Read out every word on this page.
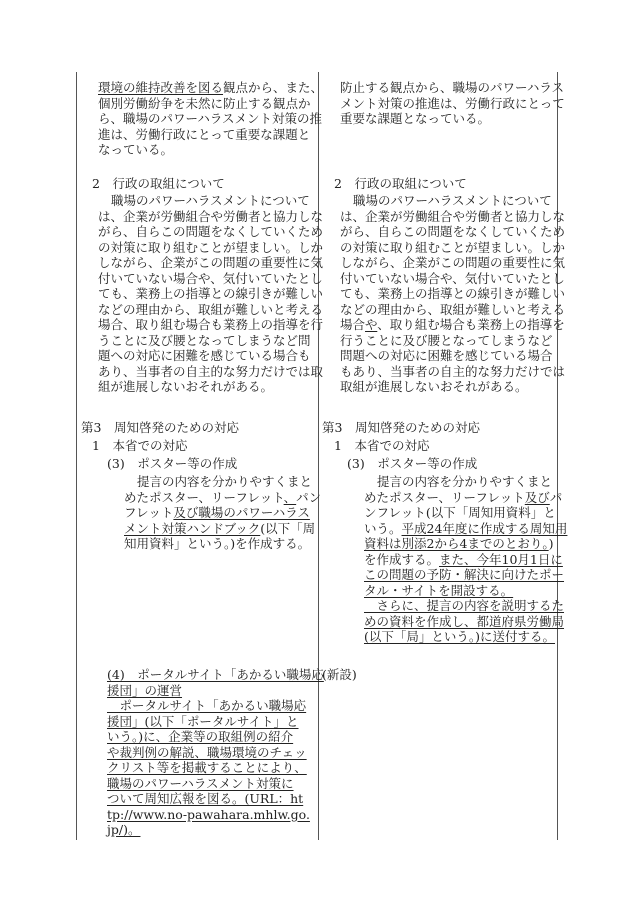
環境の維持改善を図る観点から、また、
個別労働紛争を未然に防止する観点か
ら、職場のパワーハラスメント対策の推
進は、労働行政にとって重要な課題と
なっている。
2　行政の取組について
職場のパワーハラスメントについて
は、企業が労働組合や労働者と協力しな
がら、自らこの問題をなくしていくため
の対策に取り組むことが望ましい。しか
しながら、企業がこの問題の重要性に気
付いていない場合や、気付いていたとし
ても、業務上の指導との線引きが難しい
などの理由から、取組が難しいと考える
場合、取り組む場合も業務上の指導を行
うことに及び腰となってしまうなど問
題への対応に困難を感じている場合も
あり、当事者の自主的な努力だけでは取
組が進展しないおそれがある。
第3　周知啓発のための対応
1　本省での対応
(3)　ポスター等の作成
提言の内容を分かりやすくまと
めたポスター、リーフレット、パン
フレット及び職場のパワーハラス
メント対策ハンドブック(以下「周
知用資料」という。)を作成する。
(4)　ポータルサイト「あかるい職場応
援団」の運営
　ポータルサイト「あかるい職場応
援団」(以下「ポータルサイト」と
いう。)に、企業等の取組例の紹介
や裁判例の解説、職場環境のチェッ
クリスト等を掲載することにより、
職場のパワーハラスメント対策に
ついて周知広報を図る。(URL：ht
tp://www.no-pawahara.mhlw.go.
jp/)。
防止する観点から、職場のパワーハラス
メント対策の推進は、労働行政にとって
重要な課題となっている。
2　行政の取組について
職場のパワーハラスメントについて
は、企業が労働組合や労働者と協力しな
がら、自らこの問題をなくしていくため
の対策に取り組むことが望ましい。しか
しながら、企業がこの問題の重要性に気
付いていない場合や、気付いていたとし
ても、業務上の指導との線引きが難しい
などの理由から、取組が難しいと考える
場合や、取り組む場合も業務上の指導を
行うことに及び腰となってしまうなど
問題への対応に困難を感じている場合
もあり、当事者の自主的な努力だけでは
取組が進展しないおそれがある。
第3　周知啓発のための対応
1　本省での対応
(3)　ポスター等の作成
提言の内容を分かりやすくまと
めたポスター、リーフレット及びパ
ンフレット(以下「周知用資料」と
いう。平成24年度に作成する周知用
資料は別添2から4までのとおり。)
を作成する。また、今年10月1日に
この問題の予防・解決に向けたポー
タル・サイトを開設する。
　さらに、提言の内容を説明するた
めの資料を作成し、都道府県労働局
(以下「局」という。)に送付する。
(新設)
